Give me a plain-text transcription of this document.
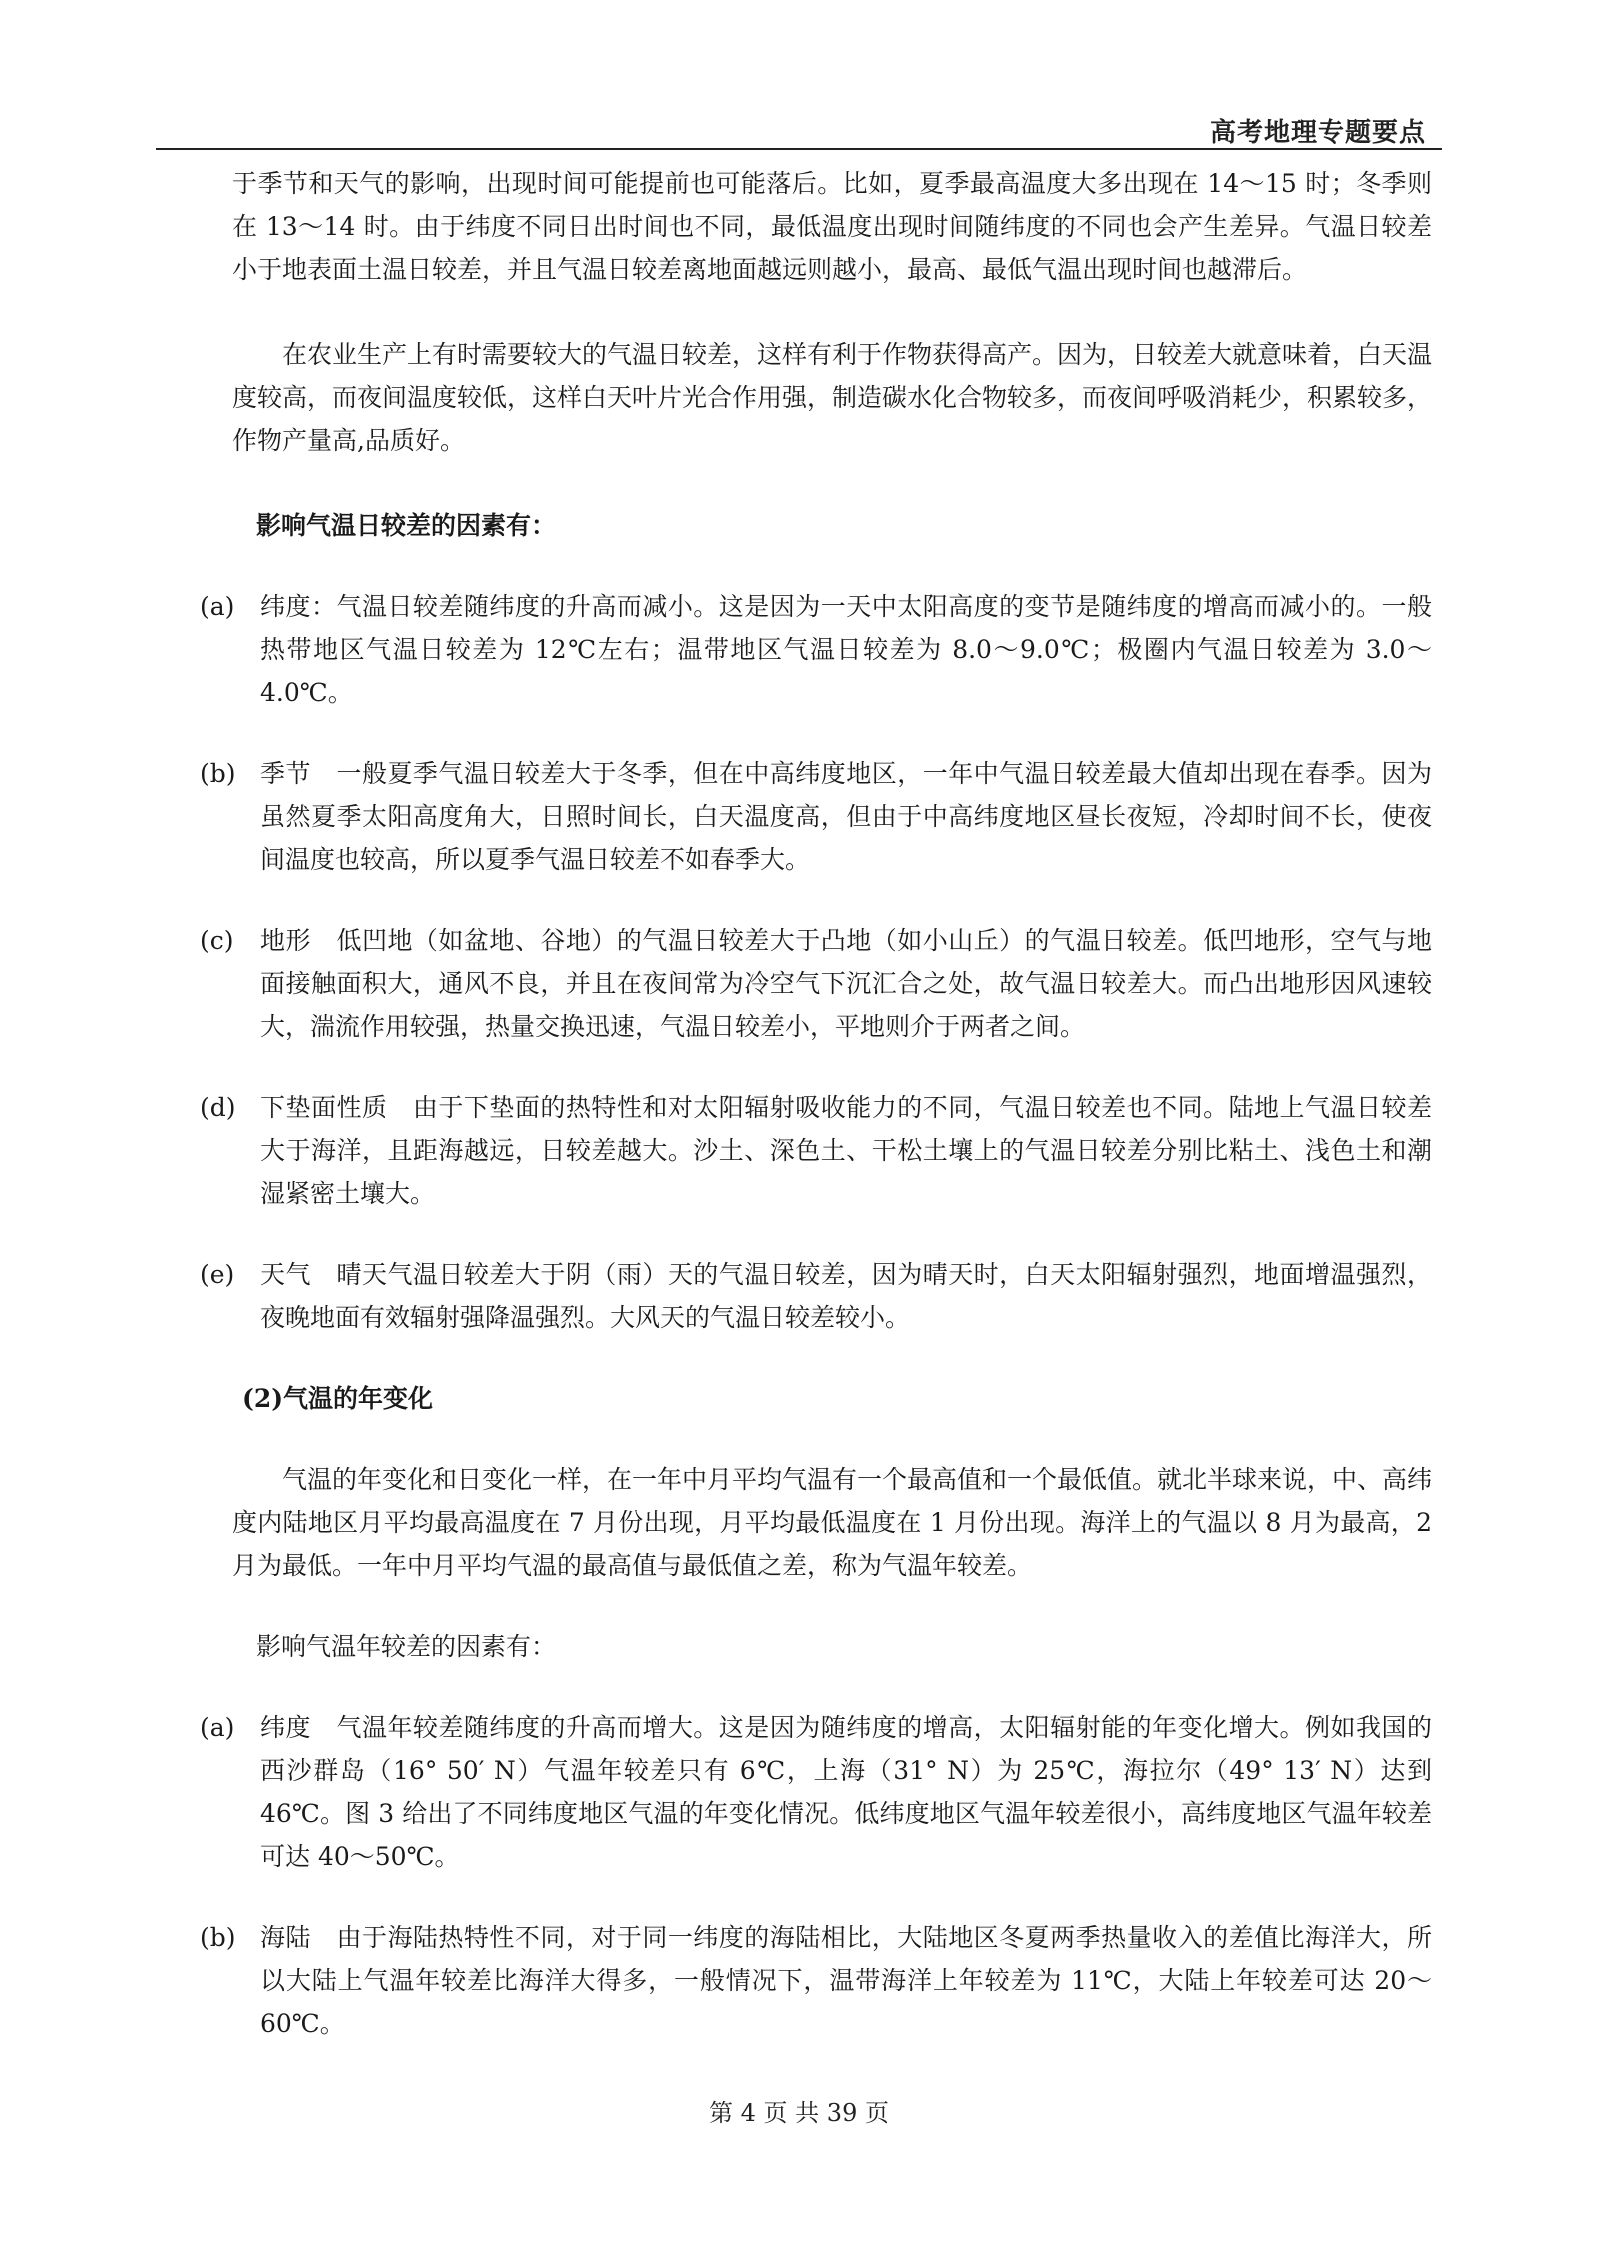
高考地理专题要点

于季节和天气的影响，出现时间可能提前也可能落后。比如，夏季最高温度大多出现在 14～15 时；冬季则在 13～14 时。由于纬度不同日出时间也不同，最低温度出现时间随纬度的不同也会产生差异。气温日较差小于地表面土温日较差，并且气温日较差离地面越远则越小，最高、最低气温出现时间也越滞后。

在农业生产上有时需要较大的气温日较差，这样有利于作物获得高产。因为，日较差大就意味着，白天温度较高，而夜间温度较低，这样白天叶片光合作用强，制造碳水化合物较多，而夜间呼吸消耗少，积累较多，作物产量高,品质好。

影响气温日较差的因素有：

(a) 纬度：气温日较差随纬度的升高而减小。这是因为一天中太阳高度的变节是随纬度的增高而减小的。一般热带地区气温日较差为 12℃左右；温带地区气温日较差为 8.0～9.0℃；极圈内气温日较差为 3.0～4.0℃。
(b) 季节　一般夏季气温日较差大于冬季，但在中高纬度地区，一年中气温日较差最大值却出现在春季。因为虽然夏季太阳高度角大，日照时间长，白天温度高，但由于中高纬度地区昼长夜短，冷却时间不长，使夜间温度也较高，所以夏季气温日较差不如春季大。
(c) 地形　低凹地（如盆地、谷地）的气温日较差大于凸地（如小山丘）的气温日较差。低凹地形，空气与地面接触面积大，通风不良，并且在夜间常为冷空气下沉汇合之处，故气温日较差大。而凸出地形因风速较大，湍流作用较强，热量交换迅速，气温日较差小，平地则介于两者之间。
(d) 下垫面性质　由于下垫面的热特性和对太阳辐射吸收能力的不同，气温日较差也不同。陆地上气温日较差大于海洋，且距海越远，日较差越大。沙土、深色土、干松土壤上的气温日较差分别比粘土、浅色土和潮湿紧密土壤大。
(e) 天气　晴天气温日较差大于阴（雨）天的气温日较差，因为晴天时，白天太阳辐射强烈，地面增温强烈，夜晚地面有效辐射强降温强烈。大风天的气温日较差较小。

(2)气温的年变化

气温的年变化和日变化一样，在一年中月平均气温有一个最高值和一个最低值。就北半球来说，中、高纬度内陆地区月平均最高温度在 7 月份出现，月平均最低温度在 1 月份出现。海洋上的气温以 8 月为最高，2 月为最低。一年中月平均气温的最高值与最低值之差，称为气温年较差。

影响气温年较差的因素有：

(a) 纬度　气温年较差随纬度的升高而增大。这是因为随纬度的增高，太阳辐射能的年变化增大。例如我国的西沙群岛（16° 50′ N）气温年较差只有 6℃，上海（31° N）为 25℃，海拉尔（49° 13′ N）达到 46℃。图 3 给出了不同纬度地区气温的年变化情况。低纬度地区气温年较差很小，高纬度地区气温年较差可达 40～50℃。
(b) 海陆　由于海陆热特性不同，对于同一纬度的海陆相比，大陆地区冬夏两季热量收入的差值比海洋大，所以大陆上气温年较差比海洋大得多，一般情况下，温带海洋上年较差为 11℃，大陆上年较差可达 20～60℃。
第 4 页 共 39 页
